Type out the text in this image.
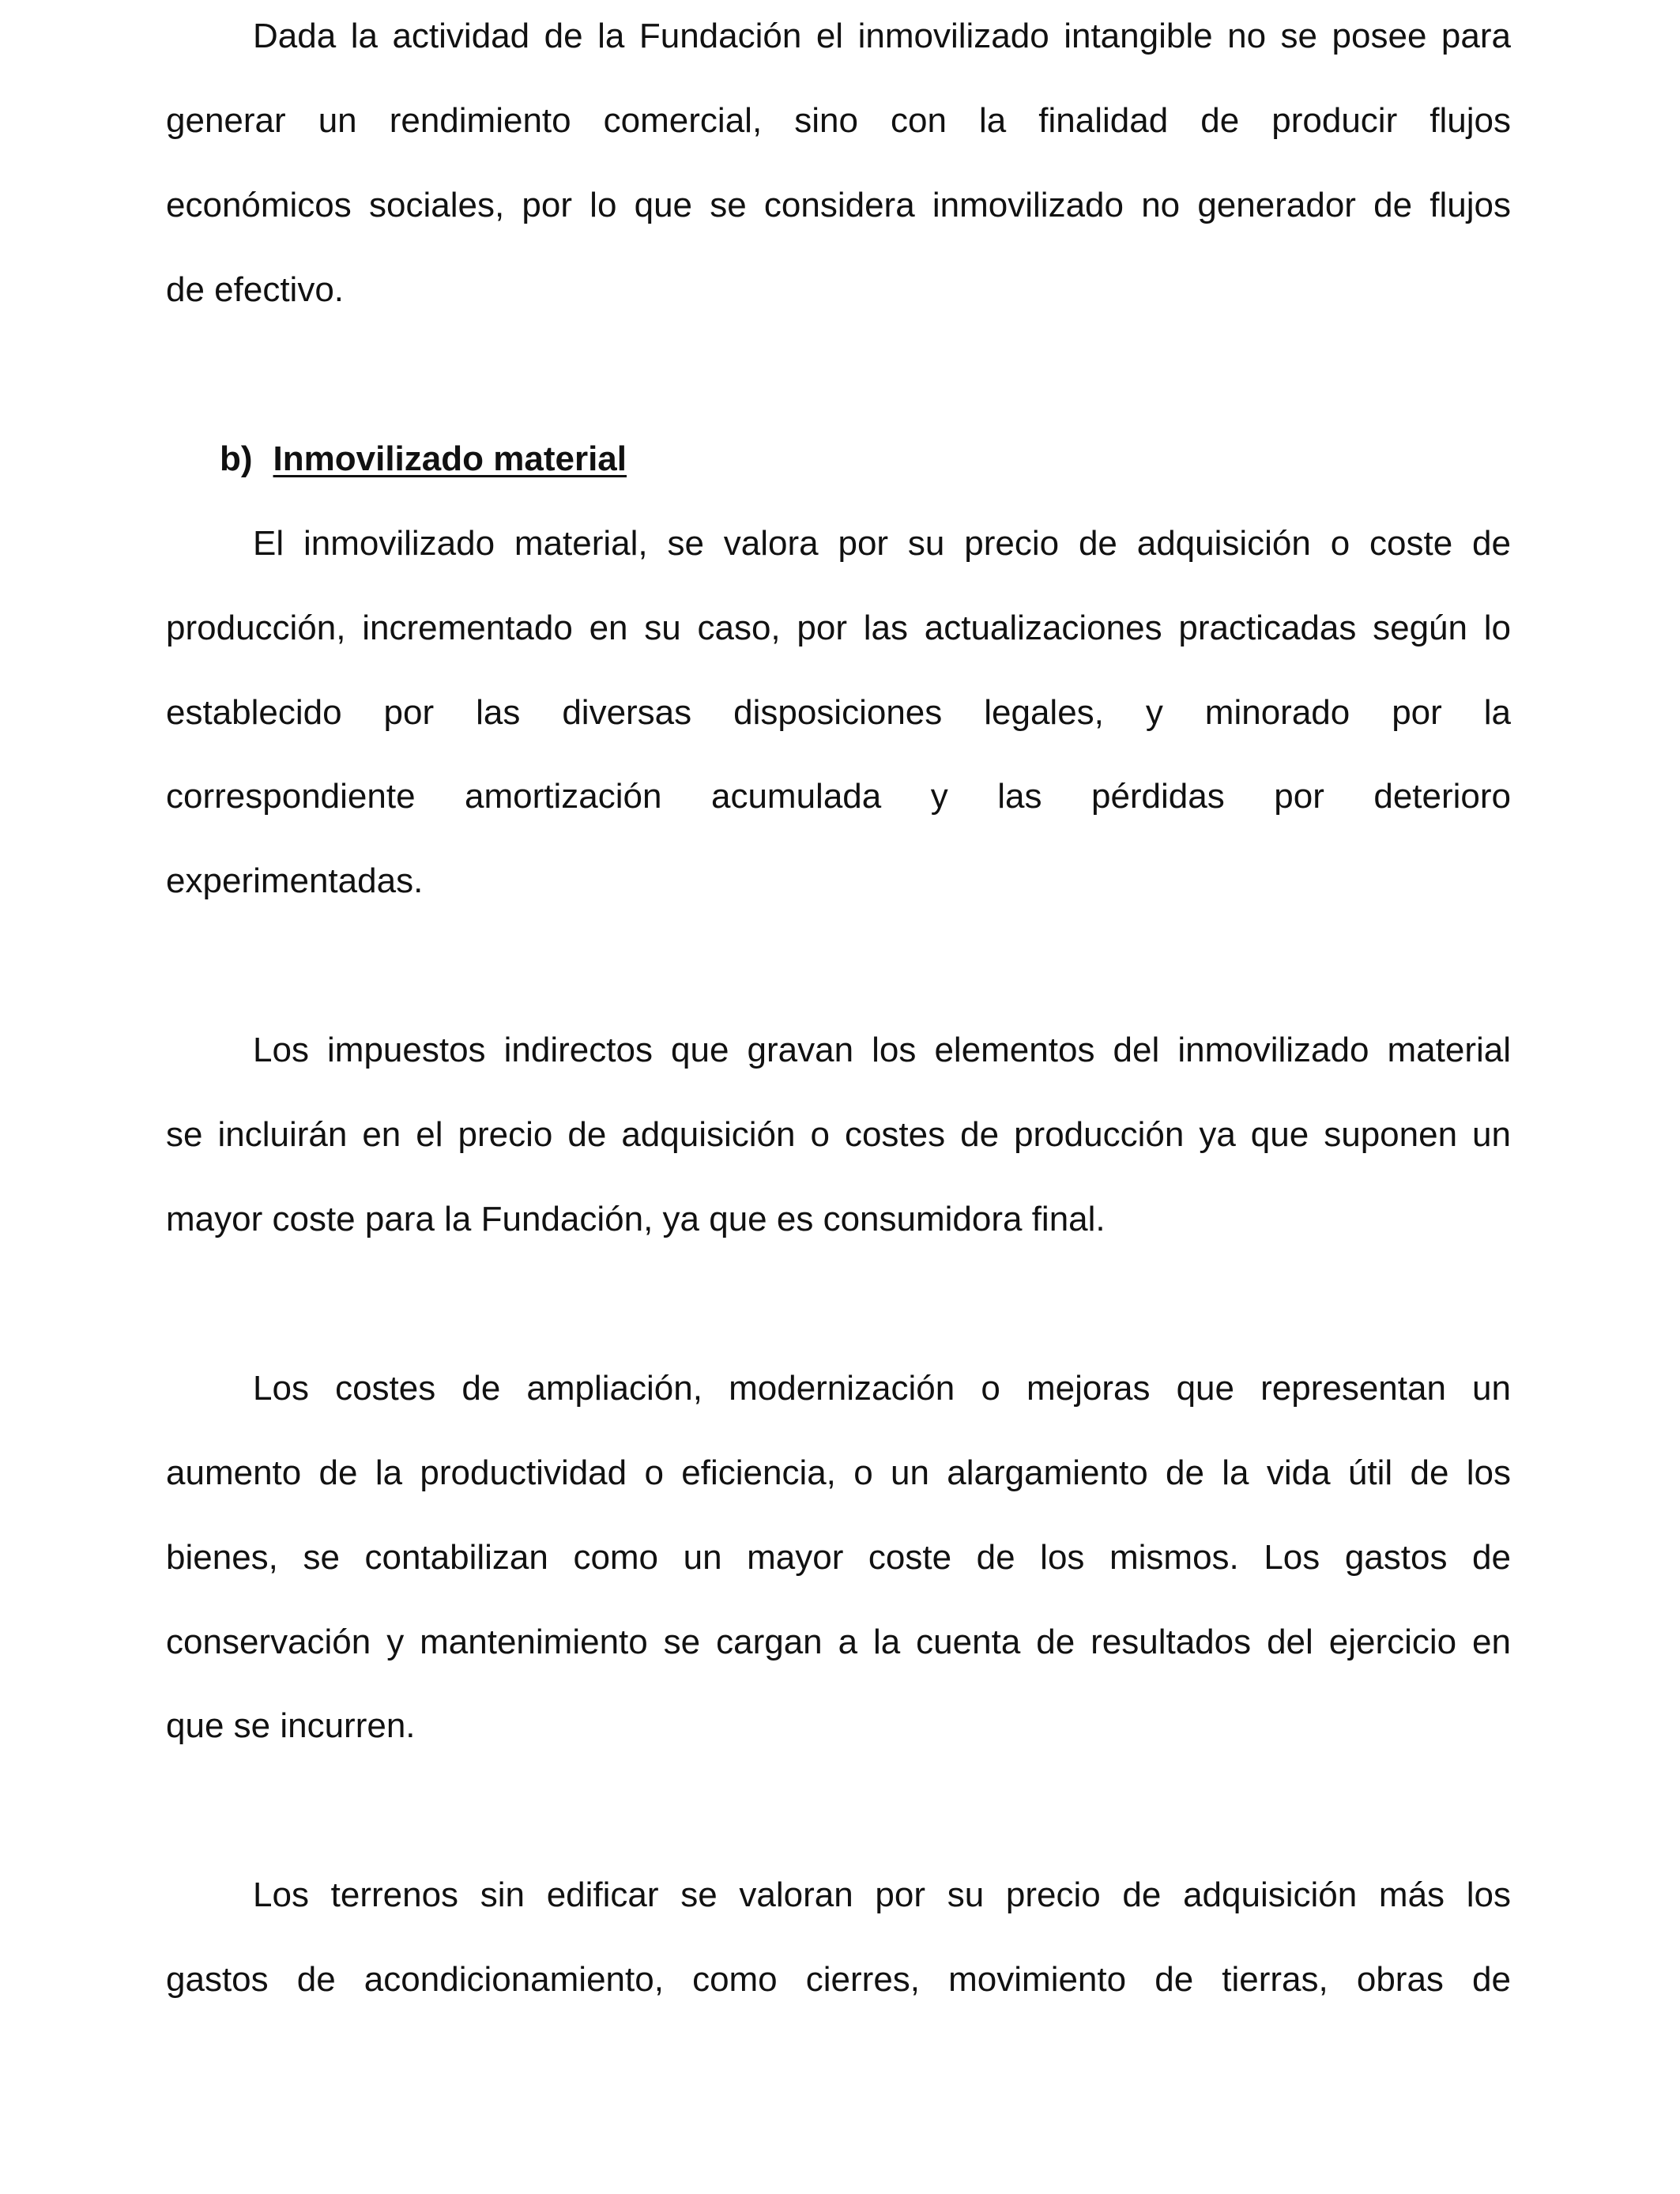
Dada la actividad de la Fundación el inmovilizado intangible no se posee para
generar un rendimiento comercial, sino con la finalidad de producir flujos
económicos sociales, por lo que se considera inmovilizado no generador de flujos
de efectivo.
b) Inmovilizado material
El inmovilizado material, se valora por su precio de adquisición o coste de
producción, incrementado en su caso, por las actualizaciones practicadas según lo
establecido por las diversas disposiciones legales, y minorado por la
correspondiente amortización acumulada y las pérdidas por deterioro
experimentadas.
Los impuestos indirectos que gravan los elementos del inmovilizado material
se incluirán en el precio de adquisición o costes de producción ya que suponen un
mayor coste para la Fundación, ya que es consumidora final.
Los costes de ampliación, modernización o mejoras que representan un
aumento de la productividad o eficiencia, o un alargamiento de la vida útil de los
bienes, se contabilizan como un mayor coste de los mismos. Los gastos de
conservación y mantenimiento se cargan a la cuenta de resultados del ejercicio en
que se incurren.
Los terrenos sin edificar se valoran por su precio de adquisición más los
gastos de acondicionamiento, como cierres, movimiento de tierras, obras de
